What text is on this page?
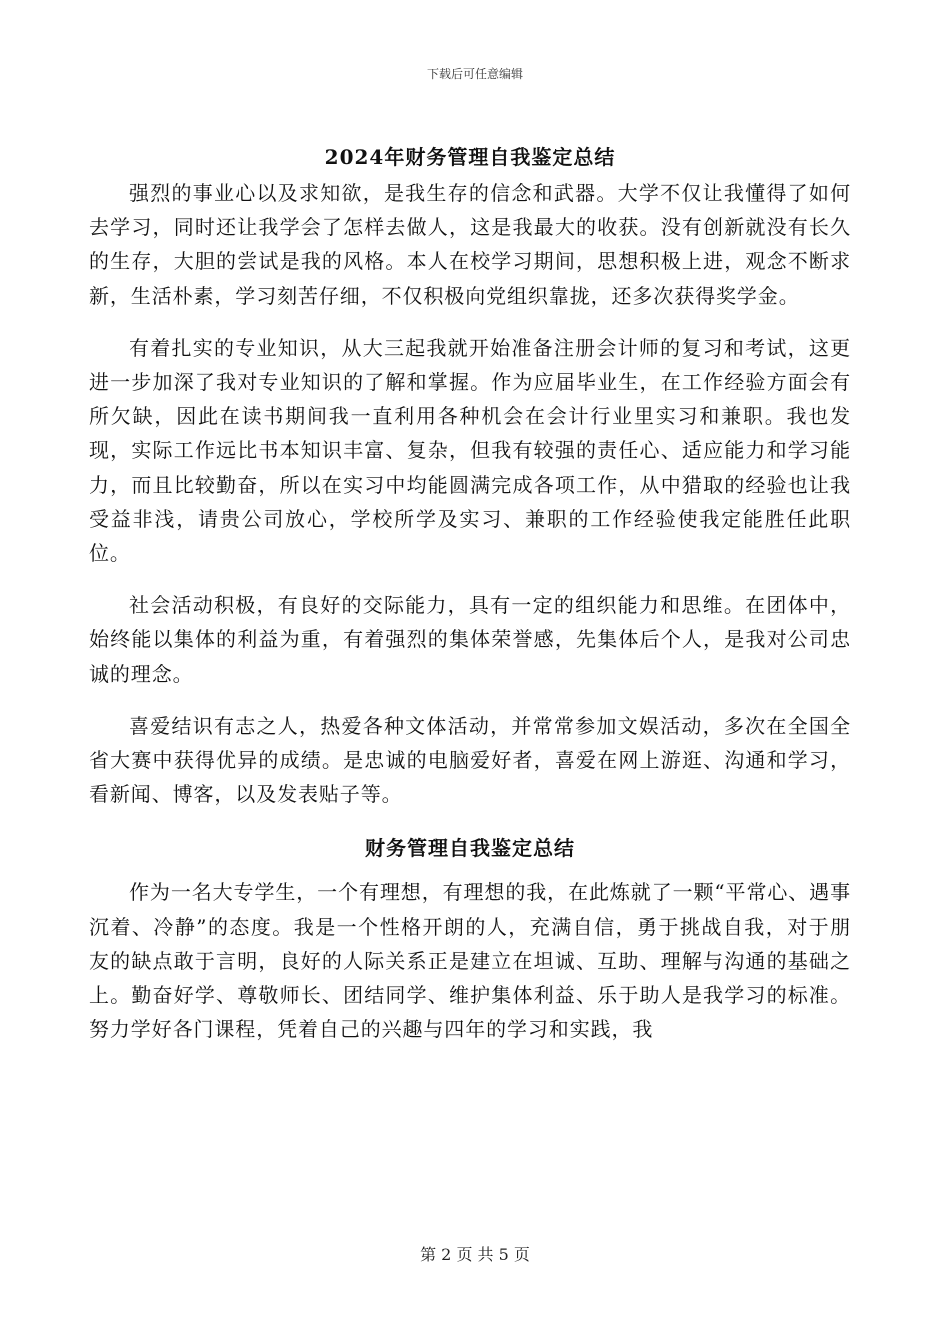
下载后可任意编辑
2024年财务管理自我鉴定总结

强烈的事业心以及求知欲，是我生存的信念和武器。大学不仅让我懂得了如何去学习，同时还让我学会了怎样去做人，这是我最大的收获。没有创新就没有长久的生存，大胆的尝试是我的风格。本人在校学习期间，思想积极上进，观念不断求新，生活朴素，学习刻苦仔细，不仅积极向党组织靠拢，还多次获得奖学金。

有着扎实的专业知识，从大三起我就开始准备注册会计师的复习和考试，这更进一步加深了我对专业知识的了解和掌握。作为应届毕业生，在工作经验方面会有所欠缺，因此在读书期间我一直利用各种机会在会计行业里实习和兼职。我也发现，实际工作远比书本知识丰富、复杂，但我有较强的责任心、适应能力和学习能力，而且比较勤奋，所以在实习中均能圆满完成各项工作，从中猎取的经验也让我受益非浅，请贵公司放心，学校所学及实习、兼职的工作经验使我定能胜任此职位。

社会活动积极，有良好的交际能力，具有一定的组织能力和思维。在团体中，始终能以集体的利益为重，有着强烈的集体荣誉感，先集体后个人，是我对公司忠诚的理念。

喜爱结识有志之人，热爱各种文体活动，并常常参加文娱活动，多次在全国全省大赛中获得优异的成绩。是忠诚的电脑爱好者，喜爱在网上游逛、沟通和学习，看新闻、博客，以及发表贴子等。

财务管理自我鉴定总结

作为一名大专学生，一个有理想，有理想的我，在此炼就了一颗“平常心、遇事沉着、冷静”的态度。我是一个性格开朗的人，充满自信，勇于挑战自我，对于朋友的缺点敢于言明，良好的人际关系正是建立在坦诚、互助、理解与沟通的基础之上。勤奋好学、尊敬师长、团结同学、维护集体利益、乐于助人是我学习的标准。努力学好各门课程，凭着自己的兴趣与四年的学习和实践，我

第 2 页 共 5 页
